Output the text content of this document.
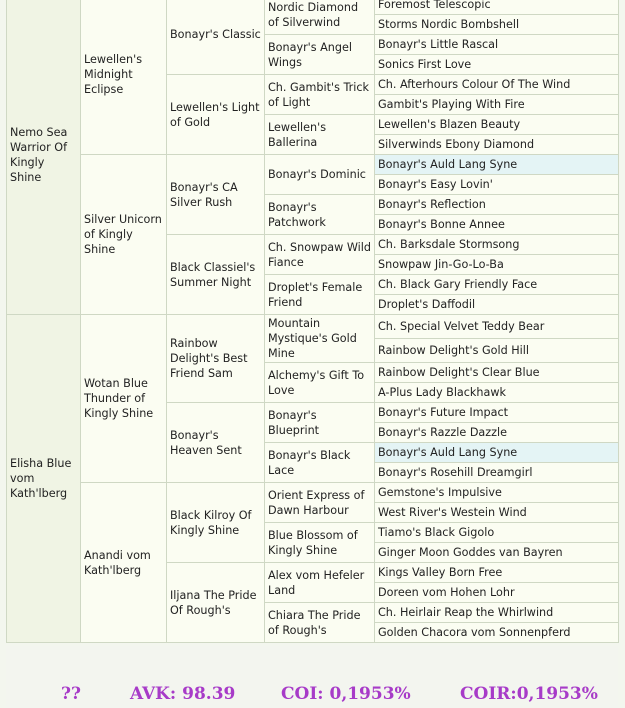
Nemo Sea Warrior Of Kingly Shine	Lewellen's Midnight Eclipse	Bonayr's Classic	Nordic Diamond of Silverwind	Foremost Telescopic
				Storms Nordic Bombshell
			Bonayr's Angel Wings	Bonayr's Little Rascal
				Sonics First Love
		Lewellen's Light of Gold	Ch. Gambit's Trick of Light	Ch. Afterhours Colour Of The Wind
				Gambit's Playing With Fire
			Lewellen's Ballerina	Lewellen's Blazen Beauty
				Silverwinds Ebony Diamond
	Silver Unicorn of Kingly Shine	Bonayr's CA Silver Rush	Bonayr's Dominic	Bonayr's Auld Lang Syne
				Bonayr's Easy Lovin'
			Bonayr's Patchwork	Bonayr's Reflection
				Bonayr's Bonne Annee
		Black Classiel's Summer Night	Ch. Snowpaw Wild Fiance	Ch. Barksdale Stormsong
				Snowpaw Jin-Go-Lo-Ba
			Droplet's Female Friend	Ch. Black Gary Friendly Face
				Droplet's Daffodil
Elisha Blue vom Kath'lberg	Wotan Blue Thunder of Kingly Shine	Rainbow Delight's Best Friend Sam	Mountain Mystique's Gold Mine	Ch. Special Velvet Teddy Bear
				Rainbow Delight's Gold Hill
			Alchemy's Gift To Love	Rainbow Delight's Clear Blue
				A-Plus Lady Blackhawk
		Bonayr's Heaven Sent	Bonayr's Blueprint	Bonayr's Future Impact
				Bonayr's Razzle Dazzle
			Bonayr's Black Lace	Bonayr's Auld Lang Syne
				Bonayr's Rosehill Dreamgirl
	Anandi vom Kath'lberg	Black Kilroy Of Kingly Shine	Orient Express of Dawn Harbour	Gemstone's Impulsive
				West River's Westein Wind
			Blue Blossom of Kingly Shine	Tiamo's Black Gigolo
				Ginger Moon Goddes van Bayren
		Iljana The Pride Of Rough's	Alex vom Hefeler Land	Kings Valley Born Free
				Doreen vom Hohen Lohr
			Chiara The Pride of Rough's	Ch. Heirlair Reap the Whirlwind
				Golden Chacora vom Sonnenpferd
??	AVK: 98.39	COI: 0,1953%	COIR:0,1953%
